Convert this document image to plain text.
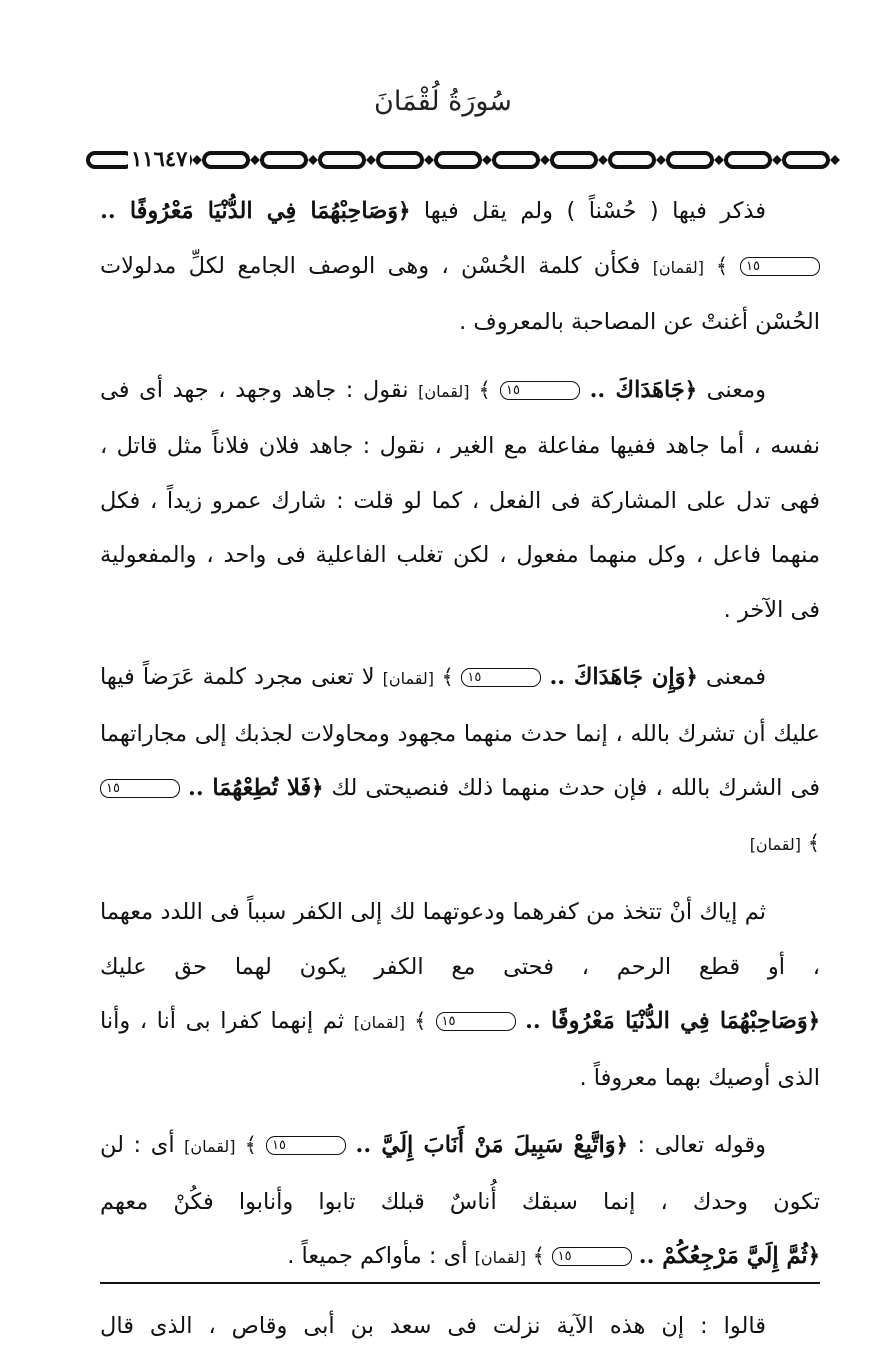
سُورَةُ لُقْمَانَ
١١٦٤٧

فذكر فيها ( حُسْناً ) ولم يقل فيها ﴿وَصَاحِبْهُمَا فِي الدُّنْيَا مَعْرُوفًا .. ١٥ ﴾ [لقمان] فكأن كلمة الحُسْن ، وهى الوصف الجامع لكلِّ مدلولات الحُسْن أغنتْ عن المصاحبة بالمعروف .

ومعنى ﴿جَاهَدَاكَ .. ١٥ ﴾ [لقمان] نقول : جاهد وجهد ، جهد أى فى نفسه ، أما جاهد ففيها مفاعلة مع الغير ، نقول : جاهد فلان فلاناً مثل قاتل ، فهى تدل على المشاركة فى الفعل ، كما لو قلت : شارك عمرو زيداً ، فكل منهما فاعل ، وكل منهما مفعول ، لكن تغلب الفاعلية فى واحد ، والمفعولية فى الآخر .

فمعنى ﴿وَإِن جَاهَدَاكَ .. ١٥ ﴾ [لقمان] لا تعنى مجرد كلمة عَرَضاً فيها عليك أن تشرك بالله ، إنما حدث منهما مجهود ومحاولات لجذبك إلى مجاراتهما فى الشرك بالله ، فإن حدث منهما ذلك فنصيحتى لك ﴿فَلا تُطِعْهُمَا .. ١٥ ﴾ [لقمان]

ثم إياك أنْ تتخذ من كفرهما ودعوتهما لك إلى الكفر سبباً فى اللدد معهما ، أو قطع الرحم ، فحتى مع الكفر يكون لهما حق عليك ﴿وَصَاحِبْهُمَا فِي الدُّنْيَا مَعْرُوفًا .. ١٥ ﴾ [لقمان] ثم إنهما كفرا بى أنا ، وأنا الذى أوصيك بهما معروفاً .

وقوله تعالى : ﴿وَاتَّبِعْ سَبِيلَ مَنْ أَنَابَ إِلَيَّ .. ١٥ ﴾ [لقمان] أى : لن تكون وحدك ، إنما سبقك أُناسٌ قبلك تابوا وأنابوا فكُنْ معهم ﴿ثُمَّ إِلَيَّ مَرْجِعُكُمْ .. ١٥ ﴾ [لقمان] أى : مأواكم جميعاً .

قالوا : إن هذه الآية نزلت فى سعد بن أبى وقاص ، الذى قال
